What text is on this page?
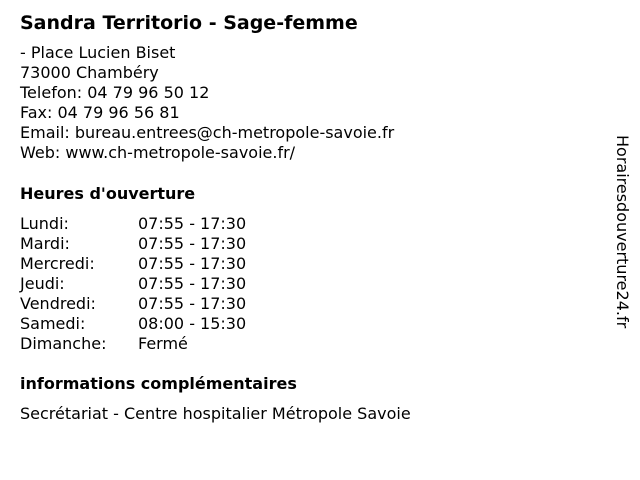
Sandra Territorio - Sage-femme
- Place Lucien Biset
73000 Chambéry
Telefon: 04 79 96 50 12
Fax: 04 79 96 56 81
Email: bureau.entrees@ch-metropole-savoie.fr
Web: www.ch-metropole-savoie.fr/
Heures d'ouverture
Lundi:	07:55 - 17:30
Mardi:	07:55 - 17:30
Mercredi:	07:55 - 17:30
Jeudi:	07:55 - 17:30
Vendredi:	07:55 - 17:30
Samedi:	08:00 - 15:30
Dimanche:	Fermé
informations complémentaires
Secrétariat - Centre hospitalier Métropole Savoie
Horairesdouverture24.fr
